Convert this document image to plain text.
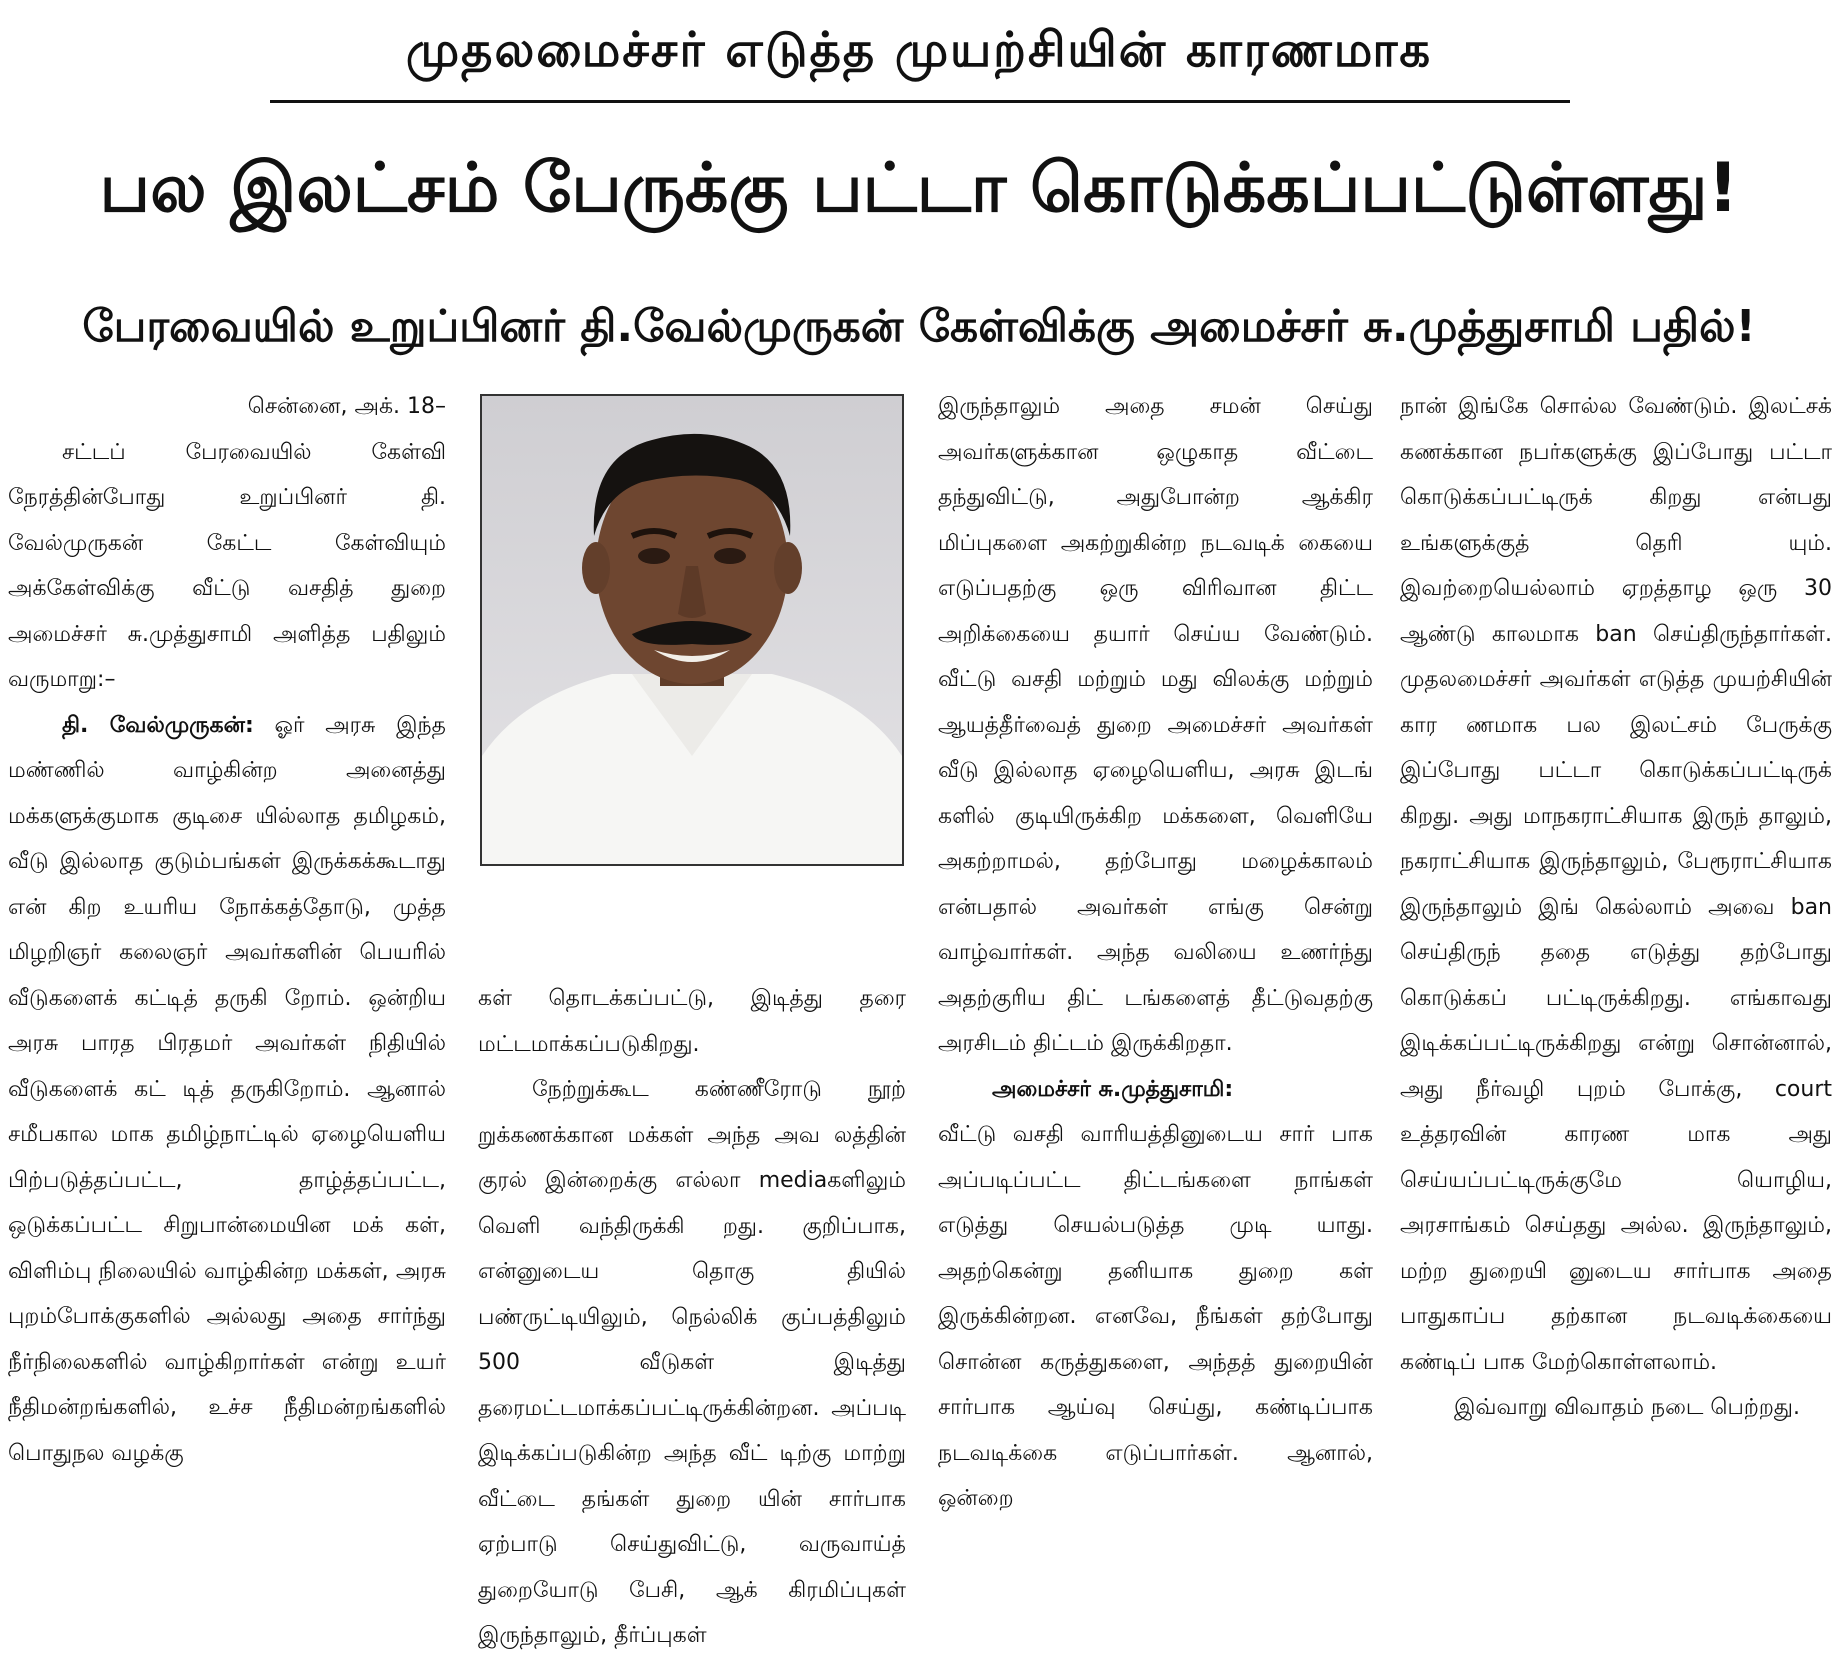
முதலமைச்சர் எடுத்த முயற்சியின் காரணமாக
பல இலட்சம் பேருக்கு பட்டா கொடுக்கப்பட்டுள்ளது!
பேரவையில் உறுப்பினர் தி.வேல்முருகன் கேள்விக்கு அமைச்சர் சு.முத்துசாமி பதில்!

சென்னை, அக். 18–

சட்டப் பேரவையில் கேள்வி நேரத்தின்போது உறுப்பினர் தி. வேல்முருகன் கேட்ட கேள்வியும் அக்கேள்விக்கு வீட்டு வசதித் துறை அமைச்சர் சு.முத்துசாமி அளித்த பதிலும் வருமாறு:–

தி. வேல்முருகன்: ஓர் அரசு இந்த மண்ணில் வாழ்கின்ற அனைத்து மக்களுக்குமாக குடிசை யில்லாத தமிழகம், வீடு இல்லாத குடும்பங்கள் இருக்கக்கூடாது என் கிற உயரிய நோக்கத்தோடு, முத்த மிழறிஞர் கலைஞர் அவர்களின் பெயரில் வீடுகளைக் கட்டித் தருகி றோம். ஒன்றிய அரசு பாரத பிரதமர் அவர்கள் நிதியில் வீடுகளைக் கட் டித் தருகிறோம். ஆனால் சமீபகால மாக தமிழ்நாட்டில் ஏழையெளிய பிற்படுத்தப்பட்ட, தாழ்த்தப்பட்ட, ஒடுக்கப்பட்ட சிறுபான்மையின மக் கள், விளிம்பு நிலையில் வாழ்கின்ற மக்கள், அரசு புறம்போக்குகளில் அல்லது அதை சார்ந்து நீர்நிலைகளில் வாழ்கிறார்கள் என்று உயர் நீதிமன்றங்களில், உச்ச நீதிமன்றங்களில் பொதுநல வழக்கு

கள் தொடக்கப்பட்டு, இடித்து தரை மட்டமாக்கப்படுகிறது.

நேற்றுக்கூட கண்ணீரோடு நூற் றுக்கணக்கான மக்கள் அந்த அவ லத்தின் குரல் இன்றைக்கு எல்லா mediaகளிலும் வெளி வந்திருக்கி றது. குறிப்பாக, என்னுடைய தொகு தியில் பண்ருட்டியிலும், நெல்லிக் குப்பத்திலும் 500 வீடுகள் இடித்து தரைமட்டமாக்கப்பட்டிருக்கின்றன. அப்படி இடிக்கப்படுகின்ற அந்த வீட் டிற்கு மாற்று வீட்டை தங்கள் துறை யின் சார்பாக ஏற்பாடு செய்துவிட்டு, வருவாய்த் துறையோடு பேசி, ஆக் கிரமிப்புகள் இருந்தாலும், தீர்ப்புகள்

இருந்தாலும் அதை சமன் செய்து அவர்களுக்கான ஒழுகாத வீட்டை தந்துவிட்டு, அதுபோன்ற ஆக்கிர மிப்புகளை அகற்றுகின்ற நடவடிக் கையை எடுப்பதற்கு ஒரு விரிவான திட்ட அறிக்கையை தயார் செய்ய வேண்டும். வீட்டு வசதி மற்றும் மது விலக்கு மற்றும் ஆயத்தீர்வைத் துறை அமைச்சர் அவர்கள் வீடு இல்லாத ஏழையெளிய, அரசு இடங் களில் குடியிருக்கிற மக்களை, வெளியே அகற்றாமல், தற்போது மழைக்காலம் என்பதால் அவர்கள் எங்கு சென்று வாழ்வார்கள். அந்த வலியை உணர்ந்து அதற்குரிய திட் டங்களைத் தீட்டுவதற்கு அரசிடம் திட்டம் இருக்கிறதா.

அமைச்சர் சு.முத்துசாமி:

வீட்டு வசதி வாரியத்தினுடைய சார் பாக அப்படிப்பட்ட திட்டங்களை நாங்கள் எடுத்து செயல்படுத்த முடி யாது. அதற்கென்று தனியாக துறை கள் இருக்கின்றன. எனவே, நீங்கள் தற்போது சொன்ன கருத்துகளை, அந்தத் துறையின் சார்பாக ஆய்வு செய்து, கண்டிப்பாக நடவடிக்கை எடுப்பார்கள். ஆனால், ஒன்றை

நான் இங்கே சொல்ல வேண்டும். இலட்சக் கணக்கான நபர்களுக்கு இப்போது பட்டா கொடுக்கப்பட்டிருக் கிறது என்பது உங்களுக்குத் தெரி யும். இவற்றையெல்லாம் ஏறத்தாழ ஒரு 30 ஆண்டு காலமாக ban செய்திருந்தார்கள். முதலமைச்சர் அவர்கள் எடுத்த முயற்சியின் கார ணமாக பல இலட்சம் பேருக்கு இப்போது பட்டா கொடுக்கப்பட்டிருக் கிறது. அது மாநகராட்சியாக இருந் தாலும், நகராட்சியாக இருந்தாலும், பேரூராட்சியாக இருந்தாலும் இங் கெல்லாம் அவை ban செய்திருந் ததை எடுத்து தற்போது கொடுக்கப் பட்டிருக்கிறது. எங்காவது இடிக்கப்பட்டிருக்கிறது என்று சொன்னால், அது நீர்வழி புறம் போக்கு, court உத்தரவின் காரண மாக அது செய்யப்பட்டிருக்குமே யொழிய, அரசாங்கம் செய்தது அல்ல. இருந்தாலும், மற்ற துறையி னுடைய சார்பாக அதை பாதுகாப்ப தற்கான நடவடிக்கையை கண்டிப் பாக மேற்கொள்ளலாம்.

இவ்வாறு விவாதம் நடை பெற்றது.
